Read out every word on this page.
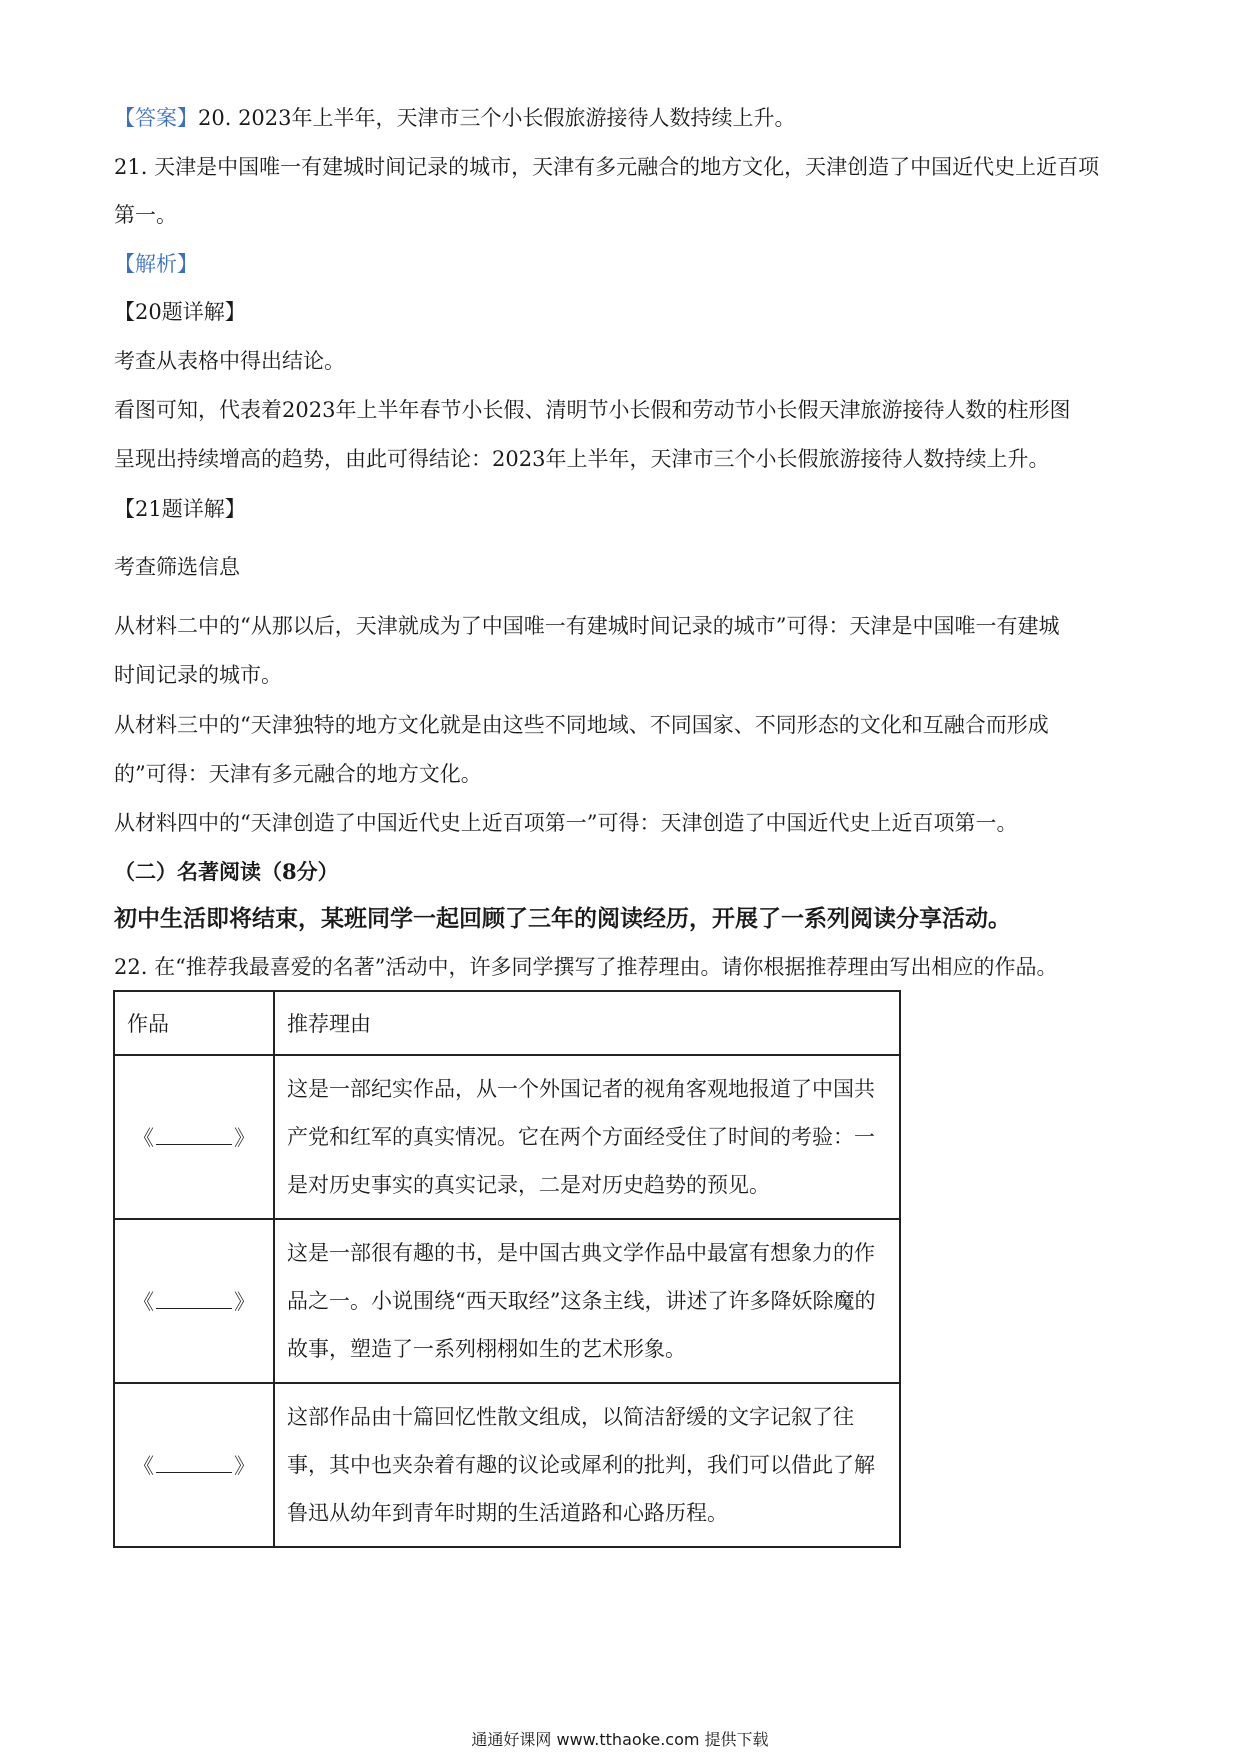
【答案】20. 2023年上半年，天津市三个小长假旅游接待人数持续上升。
21. 天津是中国唯一有建城时间记录的城市，天津有多元融合的地方文化，天津创造了中国近代史上近百项
第一。
【解析】
【20题详解】
考查从表格中得出结论。
看图可知，代表着2023年上半年春节小长假、清明节小长假和劳动节小长假天津旅游接待人数的柱形图
呈现出持续增高的趋势，由此可得结论：2023年上半年，天津市三个小长假旅游接待人数持续上升。
【21题详解】
考查筛选信息
从材料二中的“从那以后，天津就成为了中国唯一有建城时间记录的城市”可得：天津是中国唯一有建城
时间记录的城市。
从材料三中的“天津独特的地方文化就是由这些不同地域、不同国家、不同形态的文化和互融合而形成
的”可得：天津有多元融合的地方文化。
从材料四中的“天津创造了中国近代史上近百项第一”可得：天津创造了中国近代史上近百项第一。
（二）名著阅读（8分）
初中生活即将结束，某班同学一起回顾了三年的阅读经历，开展了一系列阅读分享活动。
22. 在“推荐我最喜爱的名著”活动中，许多同学撰写了推荐理由。请你根据推荐理由写出相应的作品。
作品	推荐理由
《 》	这是一部纪实作品，从一个外国记者的视角客观地报道了中国共产党和红军的真实情况。它在两个方面经受住了时间的考验：一是对历史事实的真实记录，二是对历史趋势的预见。
《 》	这是一部很有趣的书，是中国古典文学作品中最富有想象力的作品之一。小说围绕“西天取经”这条主线，讲述了许多降妖除魔的故事，塑造了一系列栩栩如生的艺术形象。
《 》	这部作品由十篇回忆性散文组成，以简洁舒缓的文字记叙了往事，其中也夹杂着有趣的议论或犀利的批判，我们可以借此了解鲁迅从幼年到青年时期的生活道路和心路历程。
通通好课网 www.tthaoke.com 提供下载
